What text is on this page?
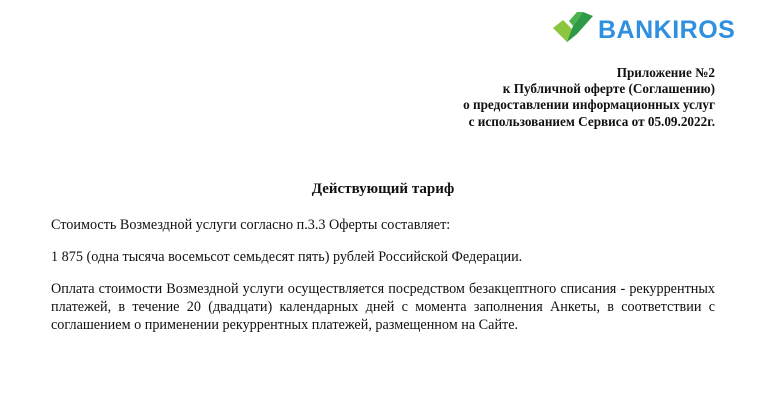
BANKIROS
Приложение №2
к Публичной оферте (Соглашению)
о предоставлении информационных услуг
с использованием Сервиса от 05.09.2022г.
Действующий тариф
Стоимость Возмездной услуги согласно п.3.3 Оферты составляет:
1 875 (одна тысяча восемьсот семьдесят пять) рублей Российской Федерации.
Оплата стоимости Возмездной услуги осуществляется посредством безакцептного списания - рекуррентных платежей, в течение 20 (двадцати) календарных дней с момента заполнения Анкеты, в соответствии с соглашением о применении рекуррентных платежей, размещенном на Сайте.
